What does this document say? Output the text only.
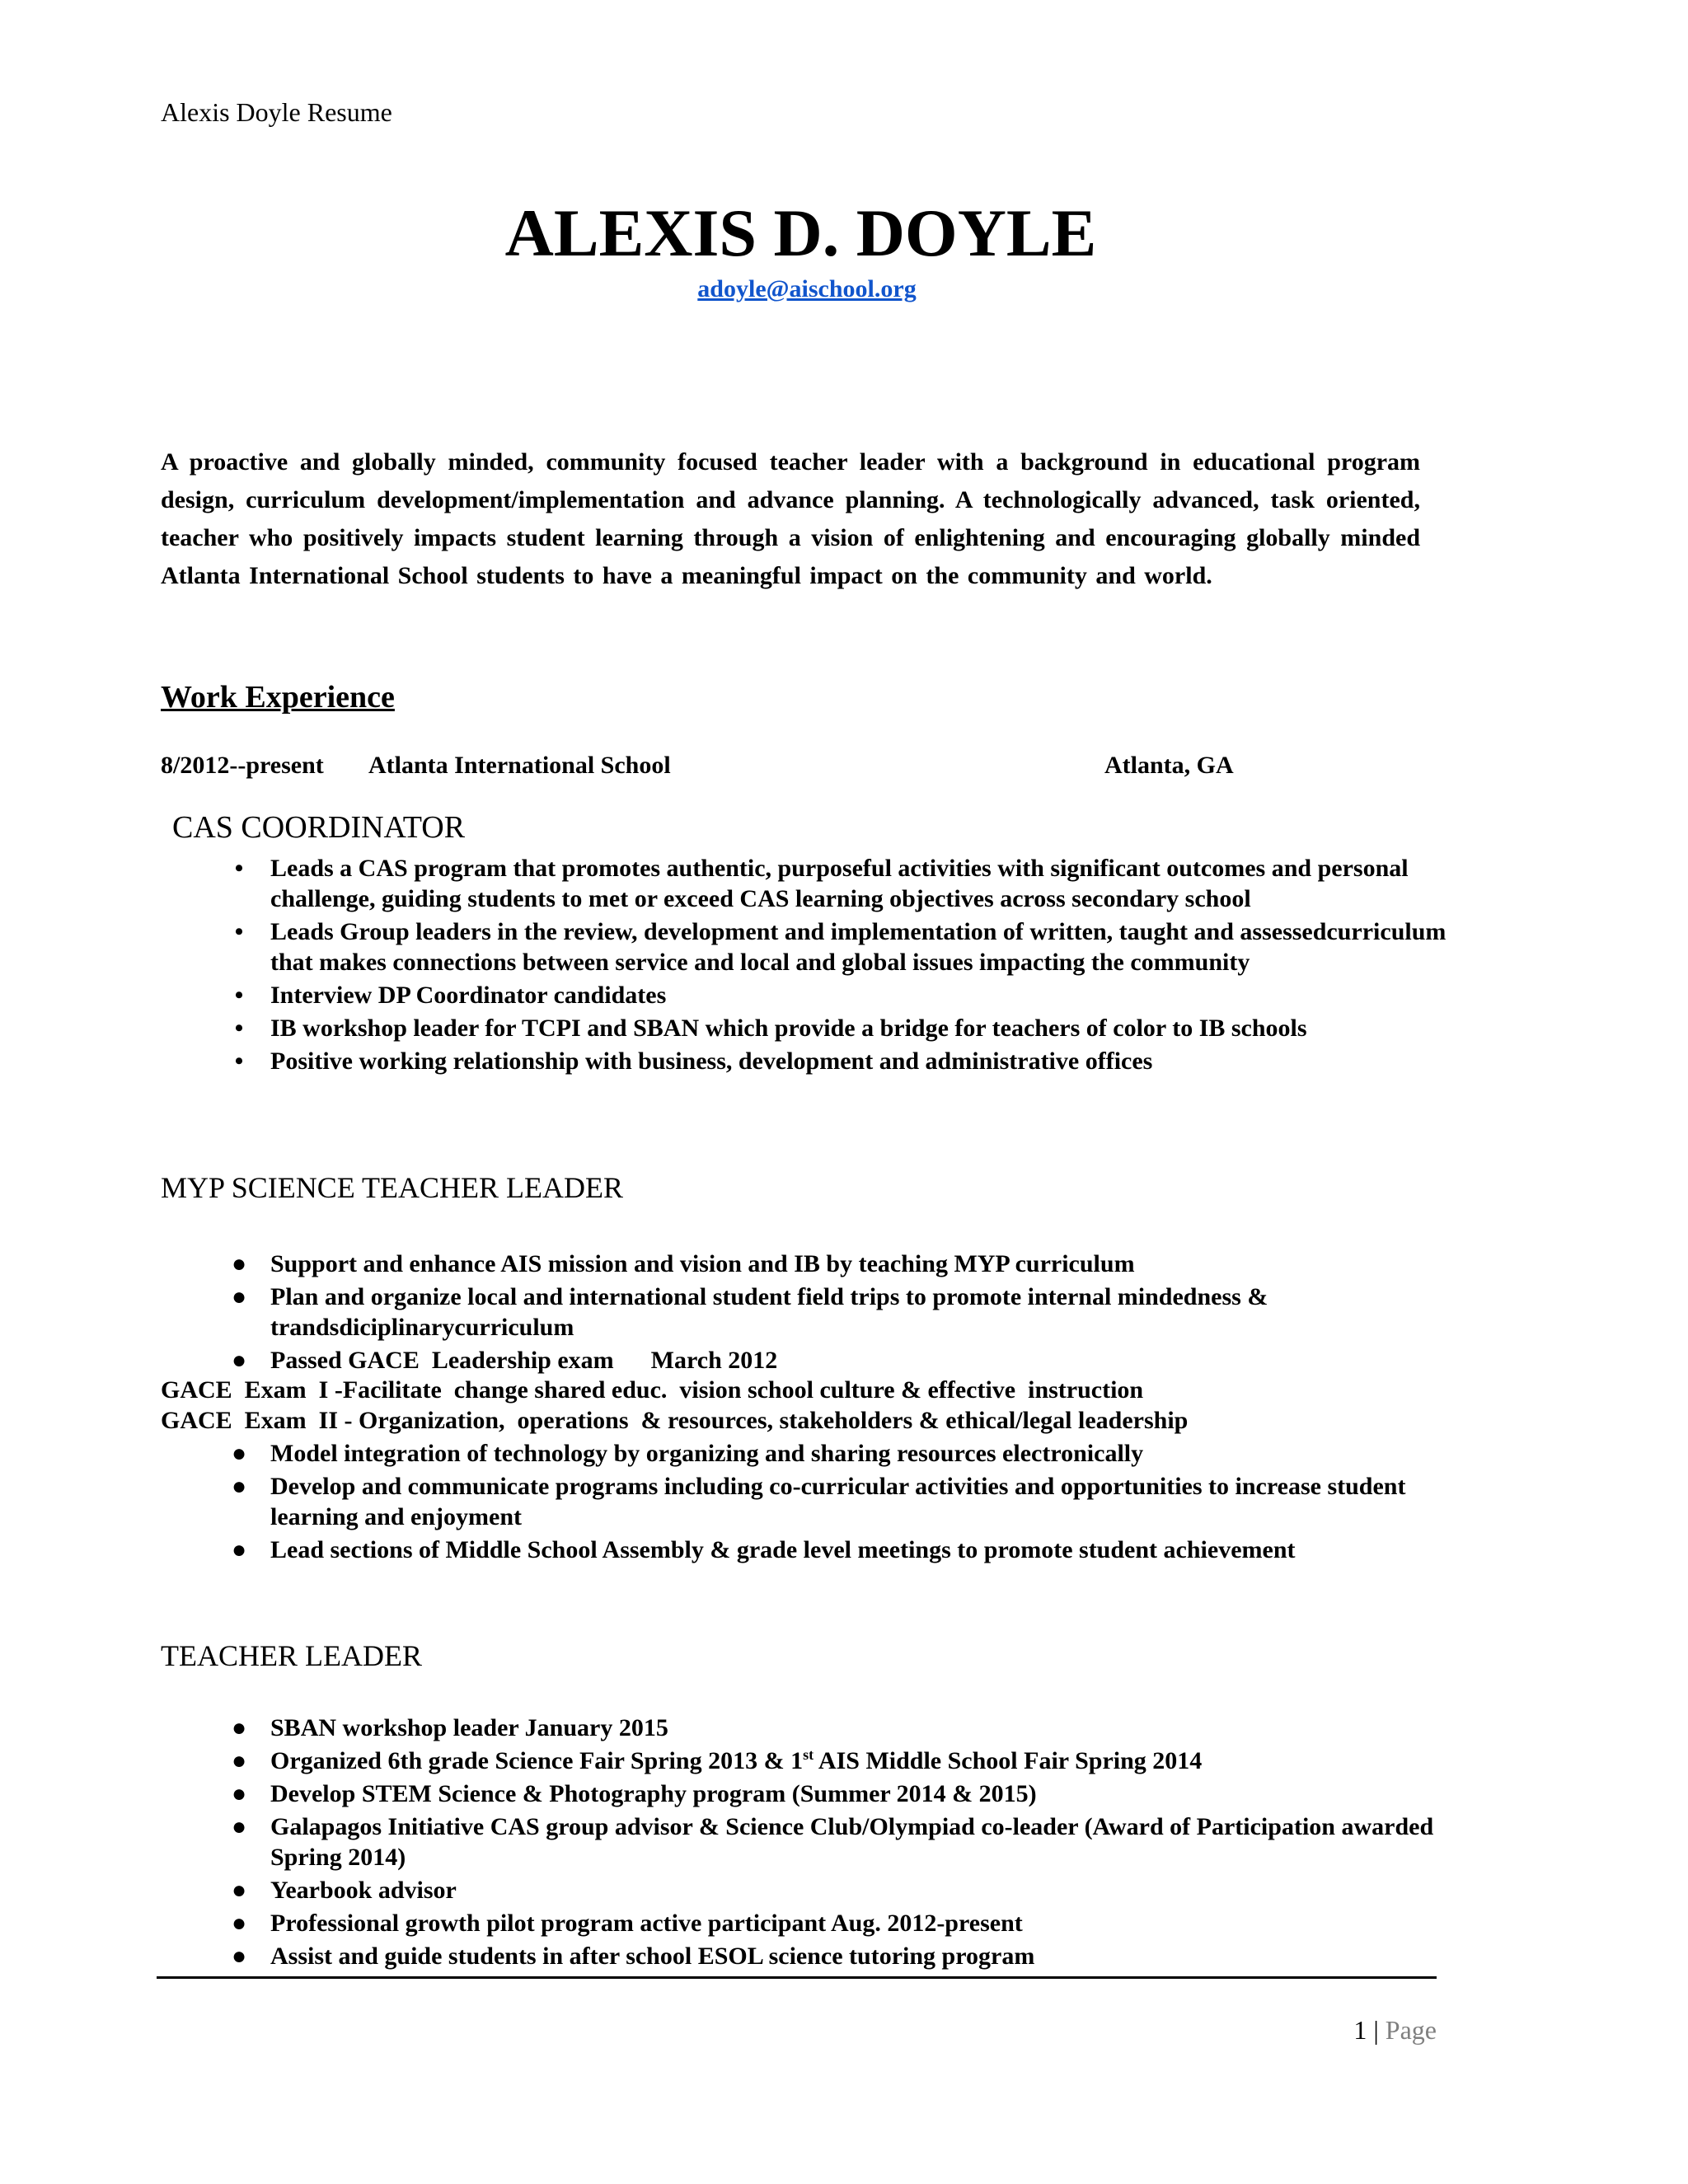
Alexis Doyle Resume
ALEXIS D. DOYLE
adoyle@aischool.org
A proactive and globally minded, community focused teacher leader with a background in educational program design, curriculum development/implementation and advance planning. A technologically advanced, task oriented, teacher who positively impacts student learning through a vision of enlightening and encouraging globally minded Atlanta International School students to have a meaningful impact on the community and world.
Work Experience
8/2012--present Atlanta International School	Atlanta, GA
CAS COORDINATOR
•	Leads a CAS program that promotes authentic, purposeful activities with significant outcomes and personal challenge, guiding students to met or exceed CAS learning objectives across secondary school
•	Leads Group leaders in the review, development and implementation of written, taught and assessedcurriculum that makes connections between service and local and global issues impacting the community
•	Interview DP Coordinator candidates
•	IB workshop leader for TCPI and SBAN which provide a bridge for teachers of color to IB schools
•	Positive working relationship with business, development and administrative offices
MYP SCIENCE TEACHER LEADER
● Support and enhance AIS mission and vision and IB by teaching MYP curriculum
● Plan and organize local and international student field trips to promote internal mindedness & trandsdiciplinarycurriculum
● Passed GACE  Leadership exam      March 2012
GACE  Exam  I -Facilitate  change shared educ.  vision school culture & effective  instruction
GACE  Exam  II - Organization,  operations  & resources, stakeholders & ethical/legal leadership
● Model integration of technology by organizing and sharing resources electronically
● Develop and communicate programs including co-curricular activities and opportunities to increase student learning and enjoyment
● Lead sections of Middle School Assembly & grade level meetings to promote student achievement
TEACHER LEADER
● SBAN workshop leader January 2015
● Organized 6th grade Science Fair Spring 2013 & 1st AIS Middle School Fair Spring 2014
● Develop STEM Science & Photography program (Summer 2014 & 2015)
● Galapagos Initiative CAS group advisor & Science Club/Olympiad co-leader (Award of Participation awarded Spring 2014)
● Yearbook advisor
● Professional growth pilot program active participant Aug. 2012-present
● Assist and guide students in after school ESOL science tutoring program
1 | Page
